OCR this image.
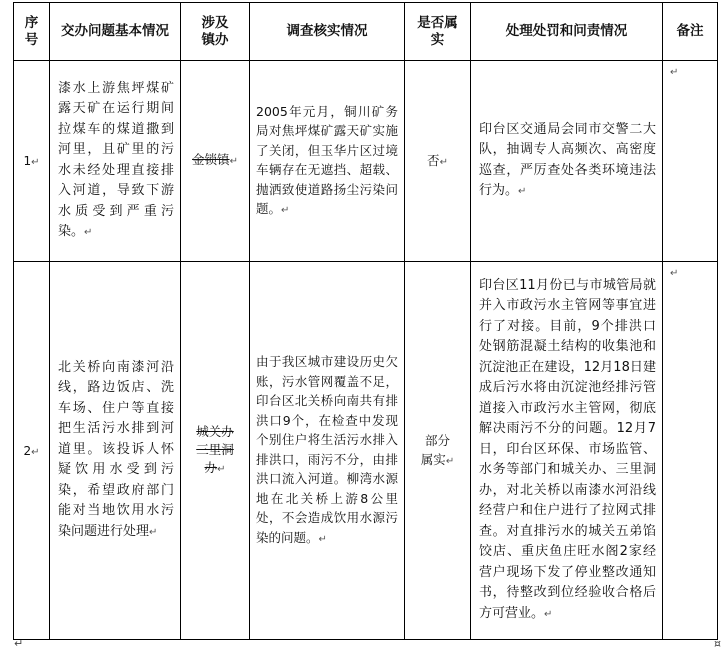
序号	交办问题基本情况	涉及镇办	调查核实情况	是否属实	处理处罚和问责情况	备注
1↵	漆水上游焦坪煤矿露天矿在运行期间拉煤车的煤道撒到河里，且矿里的污水未经处理直接排入河道，导致下游水质受到严重污染。↵	金锁镇↵	2005年元月，铜川矿务局对焦坪煤矿露天矿实施了关闭，但玉华片区过境车辆存在无遮挡、超载、抛洒致使道路扬尘污染问题。↵	否↵	印台区交通局会同市交警二大队，抽调专人高频次、高密度巡查，严厉查处各类环境违法行为。↵	↵
2↵	北关桥向南漆河沿线，路边饭店、洗车场、住户等直接把生活污水排到河道里。该投诉人怀疑饮用水受到污染，希望政府部门能对当地饮用水污染问题进行处理↵	城关办三里洞办↵	由于我区城市建设历史欠账，污水管网覆盖不足，印台区北关桥向南共有排洪口9个，在检查中发现个别住户将生活污水排入排洪口，雨污不分，由排洪口流入河道。柳湾水源地在北关桥上游8公里处，不会造成饮用水源污染的问题。↵	部分属实↵	印台区11月份已与市城管局就并入市政污水主管网等事宜进行了对接。目前，9个排洪口处钢筋混凝土结构的收集池和沉淀池正在建设，12月18日建成后污水将由沉淀池经排污管道接入市政污水主管网，彻底解决雨污不分的问题。12月7日，印台区环保、市场监管、水务等部门和城关办、三里洞办，对北关桥以南漆水河沿线经营户和住户进行了拉网式排查。对直排污水的城关五弟馅饺店、重庆鱼庄旺水阁2家经营户现场下发了停业整改通知书，待整改到位经验收合格后方可营业。↵	↵
↵	¤
